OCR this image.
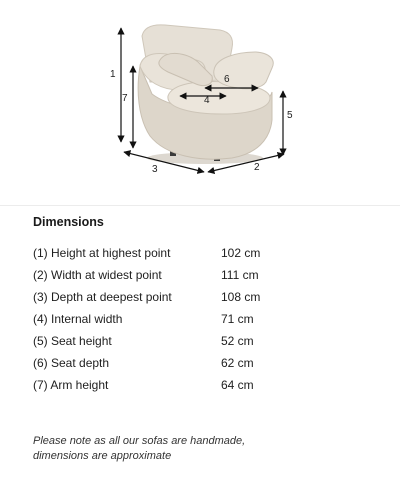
1
7
5
6
4
3	2
Dimensions
(1) Height at highest point	102 cm
(2) Width at widest point	111 cm
(3) Depth at deepest point	108 cm
(4) Internal width	71 cm
(5) Seat height	52 cm
(6) Seat depth	62 cm
(7) Arm height	64 cm
Please note as all our sofas are handmade,
dimensions are approximate
